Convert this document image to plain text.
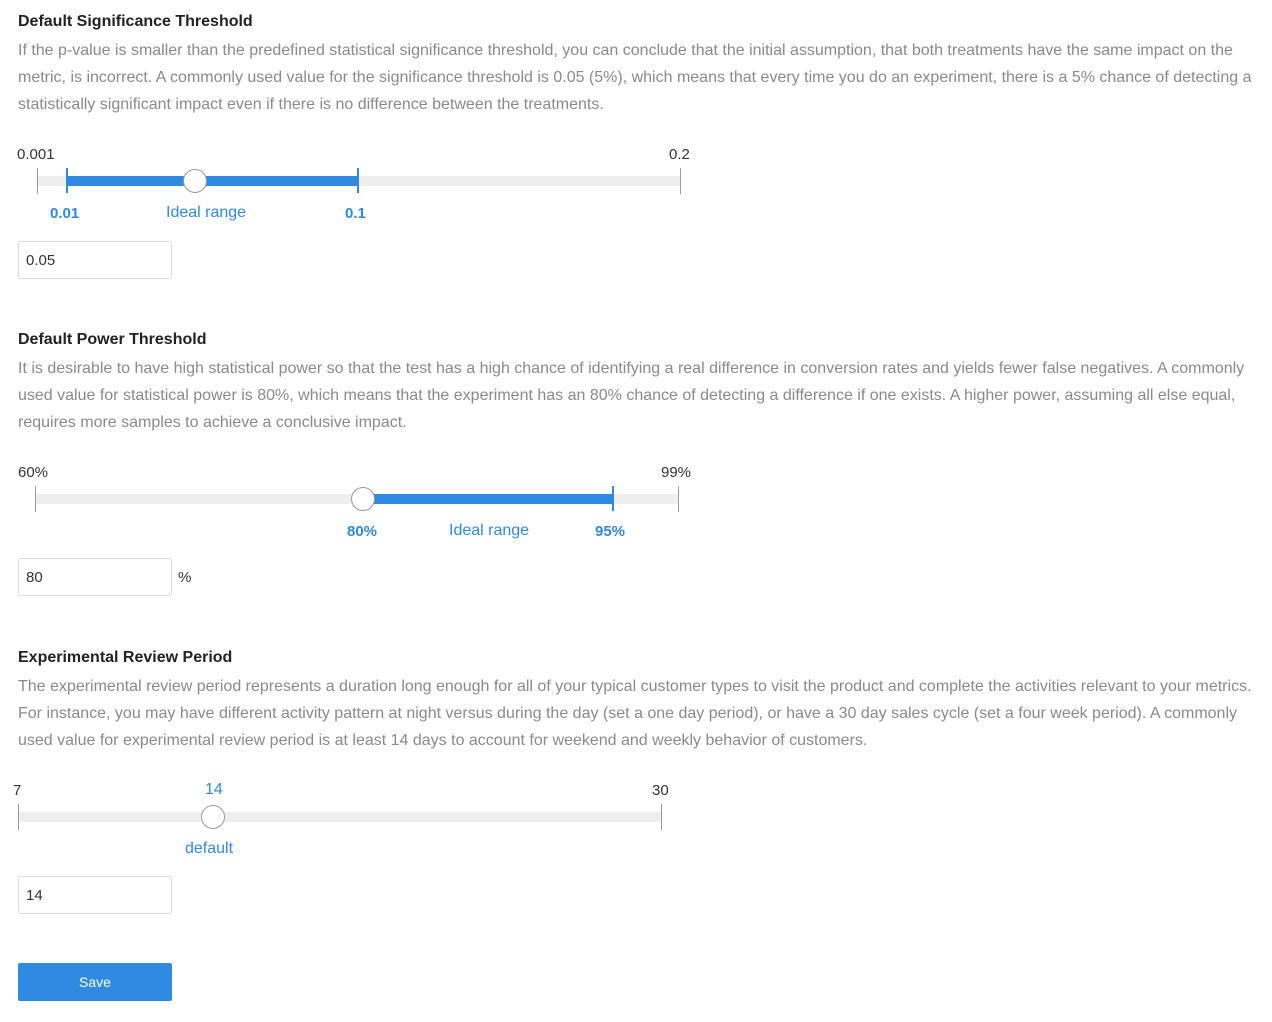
Default Significance Threshold
If the p-value is smaller than the predefined statistical significance threshold, you can conclude that the initial assumption, that both treatments have the same impact on the metric, is incorrect. A commonly used value for the significance threshold is 0.05 (5%), which means that every time you do an experiment, there is a 5% chance of detecting a statistically significant impact even if there is no difference between the treatments.
0.001	0.2
0.01	Ideal range	0.1
0.05
Default Power Threshold
It is desirable to have high statistical power so that the test has a high chance of identifying a real difference in conversion rates and yields fewer false negatives. A commonly used value for statistical power is 80%, which means that the experiment has an 80% chance of detecting a difference if one exists. A higher power, assuming all else equal, requires more samples to achieve a conclusive impact.
60%	99%
80%	Ideal range	95%
80
%
Experimental Review Period
The experimental review period represents a duration long enough for all of your typical customer types to visit the product and complete the activities relevant to your metrics. For instance, you may have different activity pattern at night versus during the day (set a one day period), or have a 30 day sales cycle (set a four week period). A commonly used value for experimental review period is at least 14 days to account for weekend and weekly behavior of customers.
7	30
14
default
14
Save
